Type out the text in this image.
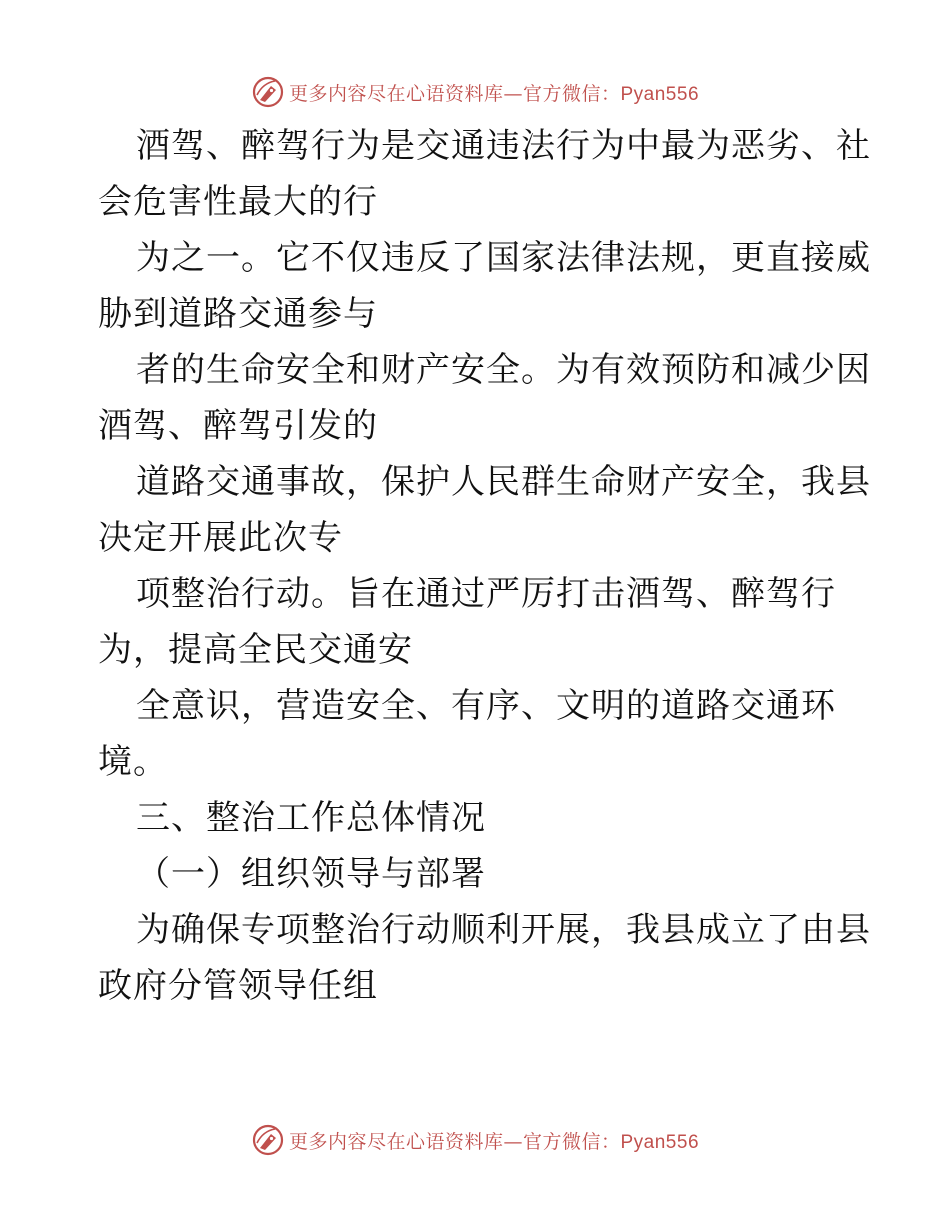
更多内容尽在心语资料库—官方微信：Pyan556
酒驾、醉驾行为是交通违法行为中最为恶劣、社
会危害性最大的行
为之一。它不仅违反了国家法律法规，更直接威
胁到道路交通参与
者的生命安全和财产安全。为有效预防和减少因
酒驾、醉驾引发的
道路交通事故，保护人民群生命财产安全，我县
决定开展此次专
项整治行动。旨在通过严厉打击酒驾、醉驾行
为，提高全民交通安
全意识，营造安全、有序、文明的道路交通环
境。
三、整治工作总体情况
（一）组织领导与部署
为确保专项整治行动顺利开展，我县成立了由县
政府分管领导任组
更多内容尽在心语资料库—官方微信：Pyan556
